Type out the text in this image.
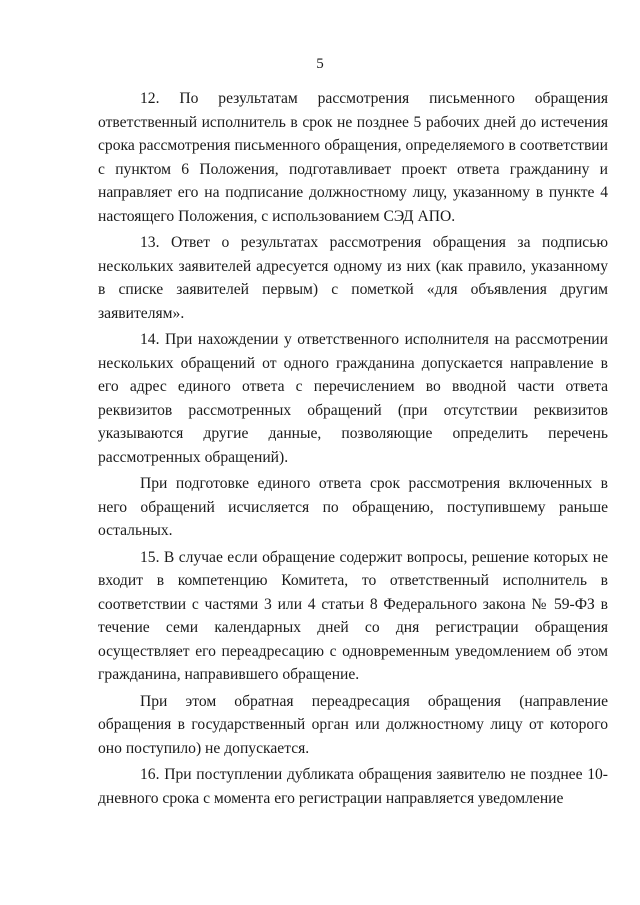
5

12. По результатам рассмотрения письменного обращения ответственный исполнитель в срок не позднее 5 рабочих дней до истечения срока рассмотрения письменного обращения, определяемого в соответствии с пунктом 6 Положения, подготавливает проект ответа гражданину и направляет его на подписание должностному лицу, указанному в пункте 4 настоящего Положения, с использованием СЭД АПО.

13. Ответ о результатах рассмотрения обращения за подписью нескольких заявителей адресуется одному из них (как правило, указанному в списке заявителей первым) с пометкой «для объявления другим заявителям».

14. При нахождении у ответственного исполнителя на рассмотрении нескольких обращений от одного гражданина допускается направление в его адрес единого ответа с перечислением во вводной части ответа реквизитов рассмотренных обращений (при отсутствии реквизитов указываются другие данные, позволяющие определить перечень рассмотренных обращений).

При подготовке единого ответа срок рассмотрения включенных в него обращений исчисляется по обращению, поступившему раньше остальных.

15. В случае если обращение содержит вопросы, решение которых не входит в компетенцию Комитета, то ответственный исполнитель в соответствии с частями 3 или 4 статьи 8 Федерального закона № 59-ФЗ в течение семи календарных дней со дня регистрации обращения осуществляет его переадресацию с одновременным уведомлением об этом гражданина, направившего обращение.

При этом обратная переадресация обращения (направление обращения в государственный орган или должностному лицу от которого оно поступило) не допускается.

16. При поступлении дубликата обращения заявителю не позднее 10-дневного срока с момента его регистрации направляется уведомление
